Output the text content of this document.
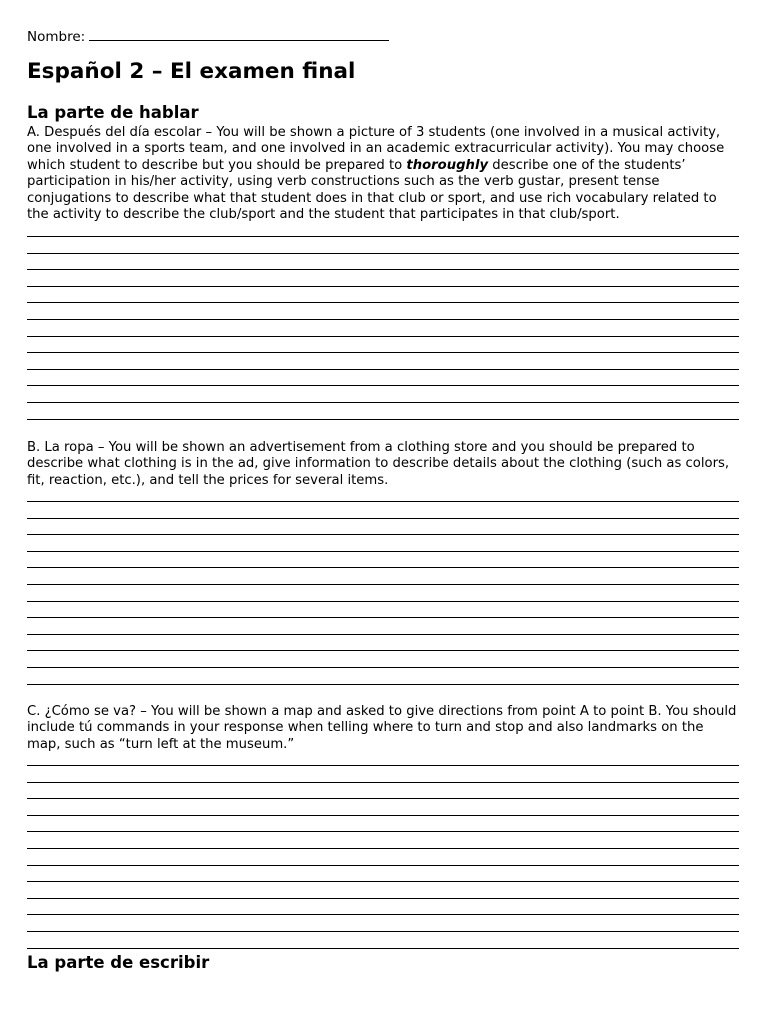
Nombre:
Español 2 – El examen final
La parte de hablar

A. Después del día escolar – You will be shown a picture of 3 students (one involved in a musical activity, one involved in a sports team, and one involved in an academic extracurricular activity). You may choose which student to describe but you should be prepared to thoroughly describe one of the students’ participation in his/her activity, using verb constructions such as the verb gustar, present tense conjugations to describe what that student does in that club or sport, and use rich vocabulary related to the activity to describe the club/sport and the student that participates in that club/sport.

B. La ropa – You will be shown an advertisement from a clothing store and you should be prepared to describe what clothing is in the ad, give information to describe details about the clothing (such as colors, fit, reaction, etc.), and tell the prices for several items.

C. ¿Cómo se va? – You will be shown a map and asked to give directions from point A to point B. You should include tú commands in your response when telling where to turn and stop and also landmarks on the map, such as “turn left at the museum.”

La parte de escribir
